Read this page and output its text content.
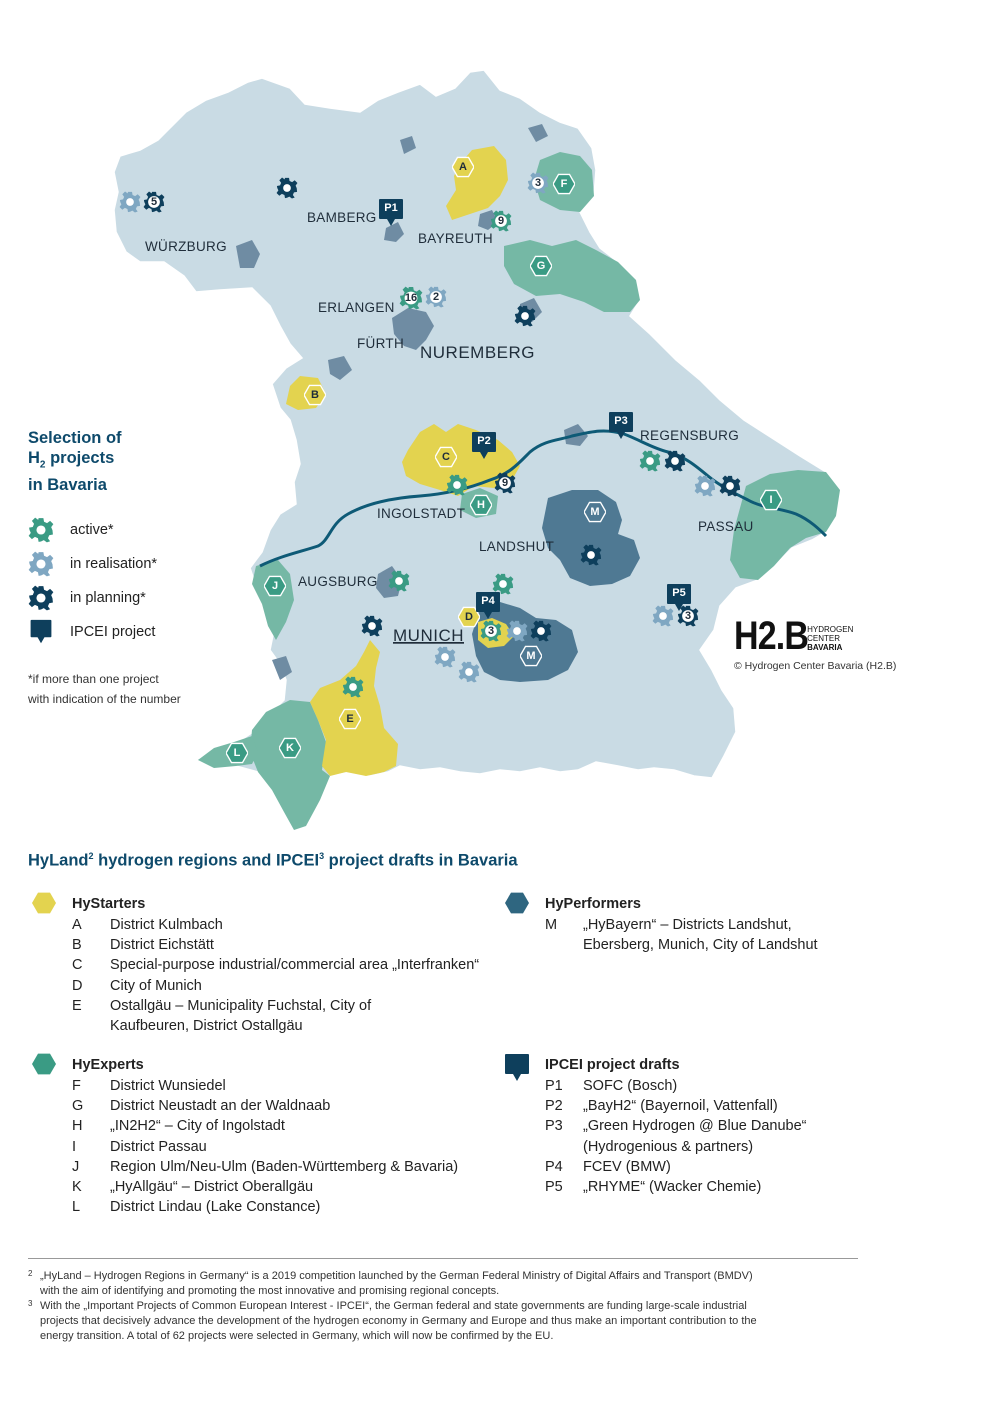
WÜRZBURG
BAMBERG
BAYREUTH
ERLANGEN
FÜRTH NUREMBERG
REGENSBURG
INGOLSTADT
LANDSHUT
PASSAU
AUGSBURG
MUNICH
A
B
C
D
E
F
G
H	I
J
K
L
M
M
P1
P2
P3
P4
P5
5
3
9
16 2
9
3
3
Selection of
$H_2$ projects
in Bavaria
active*
in realisation*
in planning*
IPCEI project
*if more than one project
with indication of the number
H2.B HYDROGEN
CENTER
BAVARIA
© Hydrogen Center Bavaria (H2.B)
HyLand$^2$ hydrogen regions and IPCEI$^3$ project drafts in Bavaria
HyStarters
A	District Kulmbach
B	District Eichstätt
C	Special-purpose industrial/commercial area „Interfranken“
D	City of Munich
E	Ostallgäu – Municipality Fuchstal, City of
Kaufbeuren, District Ostallgäu
HyExperts
F	District Wunsiedel
G	District Neustadt an der Waldnaab
H	„IN2H2“ – City of Ingolstadt
I	District Passau
J	Region Ulm/Neu-Ulm (Baden-Württemberg & Bavaria)
K	„HyAllgäu“ – District Oberallgäu
L	District Lindau (Lake Constance)
HyPerformers
M	„HyBayern“ – Districts Landshut,
Ebersberg, Munich, City of Landshut
IPCEI project drafts
P1	SOFC (Bosch)
P2	„BayH2“ (Bayernoil, Vattenfall)
P3	„Green Hydrogen @ Blue Danube“
(Hydrogenious & partners)
P4	FCEV (BMW)
P5	„RHYME“ (Wacker Chemie)
2 „HyLand – Hydrogen Regions in Germany“ is a 2019 competition launched by the German Federal Ministry of Digital Affairs and Transport (BMDV)
with the aim of identifying and promoting the most innovative and promising regional concepts.
3 With the „Important Projects of Common European Interest - IPCEI“, the German federal and state governments are funding large-scale industrial
projects that decisively advance the development of the hydrogen economy in Germany and Europe and thus make an important contribution to the
energy transition. A total of 62 projects were selected in Germany, which will now be confirmed by the EU.
